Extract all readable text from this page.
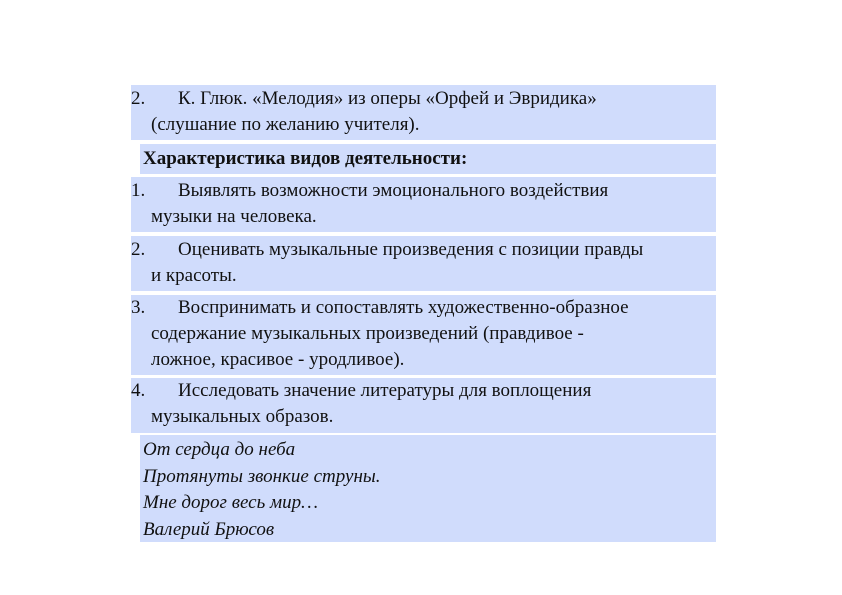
2. К. Глюк. «Мелодия» из оперы «Орфей и Эвридика»
(слушание по желанию учителя).
Характеристика видов деятельности:
1. Выявлять возможности эмоционального воздействия
музыки на человека.
2. Оценивать музыкальные произведения с позиции правды
и красоты.
3. Воспринимать и сопоставлять художественно-образное
содержание музыкальных произведений (правдивое -
ложное, красивое - уродливое).
4. Исследовать значение литературы для воплощения
музыкальных образов.
От сердца до неба
Протянуты звонкие струны.
Мне дорог весь мир…
Валерий Брюсов
